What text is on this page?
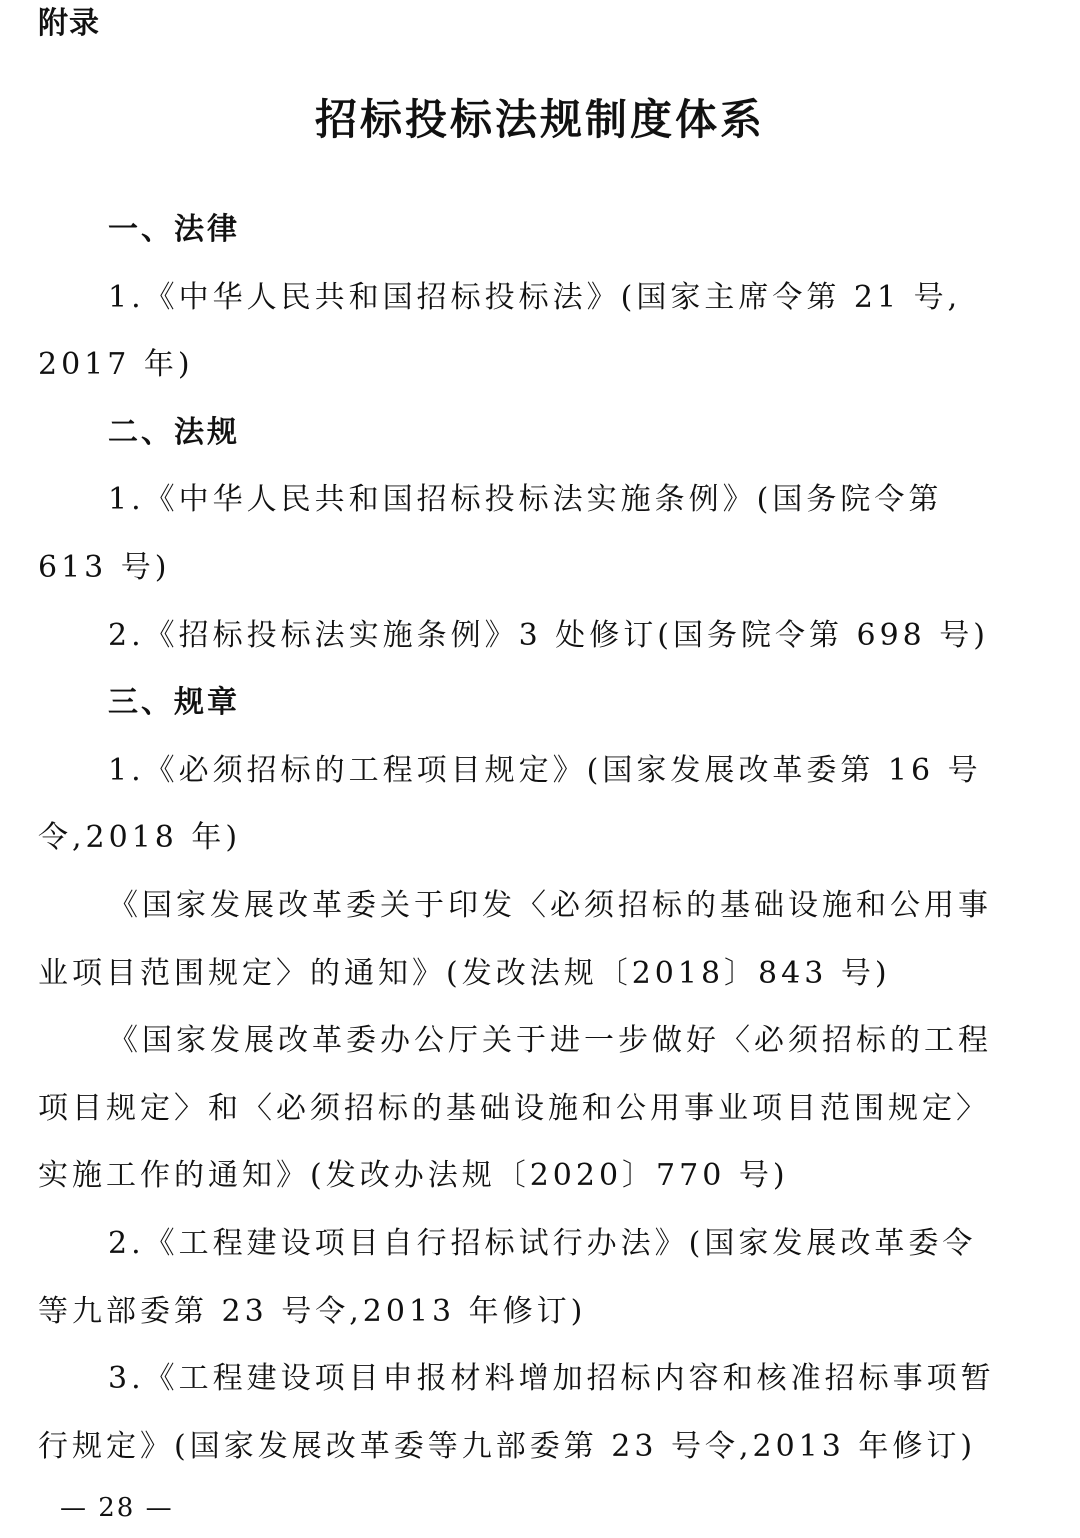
附录
招标投标法规制度体系
一、法律
1.《中华人民共和国招标投标法》(国家主席令第 21 号,
2017 年)
二、法规
1.《中华人民共和国招标投标法实施条例》(国务院令第
613 号)
2.《招标投标法实施条例》3 处修订(国务院令第 698 号)
三、规章
1.《必须招标的工程项目规定》(国家发展改革委第 16 号
令,2018 年)
《国家发展改革委关于印发〈必须招标的基础设施和公用事
业项目范围规定〉的通知》(发改法规〔2018〕843 号)
《国家发展改革委办公厅关于进一步做好〈必须招标的工程
项目规定〉和〈必须招标的基础设施和公用事业项目范围规定〉
实施工作的通知》(发改办法规〔2020〕770 号)
2.《工程建设项目自行招标试行办法》(国家发展改革委令
等九部委第 23 号令,2013 年修订)
3.《工程建设项目申报材料增加招标内容和核准招标事项暂
行规定》(国家发展改革委等九部委第 23 号令,2013 年修订)
— 28 —
